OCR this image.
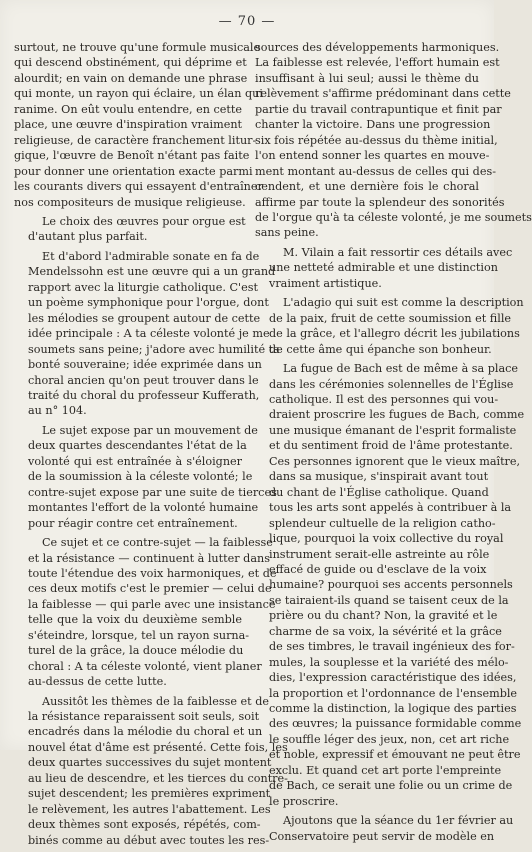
— 70 —

surtout, ne trouve qu'une formule musicale
qui descend obstinément, qui déprime et
alourdit; en vain on demande une phrase
qui monte, un rayon qui éclaire, un élan qui
ranime. On eût voulu entendre, en cette
place, une œuvre d'inspiration vraiment
religieuse, de caractère franchement litur-
gique, l'œuvre de Benoît n'étant pas faite
pour donner une orientation exacte parmi
les courants divers qui essayent d'entraîner
nos compositeurs de musique religieuse.

Le choix des œuvres pour orgue est
d'autant plus parfait.

Et d'abord l'admirable sonate en fa de
Mendelssohn est une œuvre qui a un grand
rapport avec la liturgie catholique. C'est
un poème symphonique pour l'orgue, dont
les mélodies se groupent autour de cette
idée principale : A ta céleste volonté je me
soumets sans peine; j'adore avec humilité ta
bonté souveraine; idée exprimée dans un
choral ancien qu'on peut trouver dans le
traité du choral du professeur Kufferath,
au n° 104.

Le sujet expose par un mouvement de
deux quartes descendantes l'état de la
volonté qui est entraînée à s'éloigner
de la soumission à la céleste volonté; le
contre-sujet expose par une suite de tierces
montantes l'effort de la volonté humaine
pour réagir contre cet entraînement.

Ce sujet et ce contre-sujet — la faiblesse
et la résistance — continuent à lutter dans
toute l'étendue des voix harmoniques, et de
ces deux motifs c'est le premier — celui de
la faiblesse — qui parle avec une insistance
telle que la voix du deuxième semble
s'éteindre, lorsque, tel un rayon surna-
turel de la grâce, la douce mélodie du
choral : A ta céleste volonté, vient planer
au-dessus de cette lutte.

Aussitôt les thèmes de la faiblesse et de
la résistance reparaissent soit seuls, soit
encadrés dans la mélodie du choral et un
nouvel état d'âme est présenté. Cette fois, les
deux quartes successives du sujet montent
au lieu de descendre, et les tierces du contre-
sujet descendent; les premières expriment
le relèvement, les autres l'abattement. Les
deux thèmes sont exposés, répétés, com-
binés comme au début avec toutes les res-

sources des développements harmoniques.
La faiblesse est relevée, l'effort humain est
insuffisant à lui seul; aussi le thème du
relèvement s'affirme prédominant dans cette
partie du travail contrapuntique et finit par
chanter la victoire. Dans une progression
six fois répétée au-dessus du thème initial,
l'on entend sonner les quartes en mouve-
ment montant au-dessus de celles qui des-
cendent, et une dernière fois le choral
affirme par toute la splendeur des sonorités
de l'orgue qu'à ta céleste volonté, je me soumets
sans peine.

M. Vilain a fait ressortir ces détails avec
une netteté admirable et une distinction
vraiment artistique.

L'adagio qui suit est comme la description
de la paix, fruit de cette soumission et fille
de la grâce, et l'allegro décrit les jubilations
de cette âme qui épanche son bonheur.

La fugue de Bach est de même à sa place
dans les cérémonies solennelles de l'Église
catholique. Il est des personnes qui vou-
draient proscrire les fugues de Bach, comme
une musique émanant de l'esprit formaliste
et du sentiment froid de l'âme protestante.
Ces personnes ignorent que le vieux maître,
dans sa musique, s'inspirait avant tout
du chant de l'Église catholique. Quand
tous les arts sont appelés à contribuer à la
splendeur cultuelle de la religion catho-
lique, pourquoi la voix collective du royal
instrument serait-elle astreinte au rôle
effacé de guide ou d'esclave de la voix
humaine? pourquoi ses accents personnels
se tairaient-ils quand se taisent ceux de la
prière ou du chant? Non, la gravité et le
charme de sa voix, la sévérité et la grâce
de ses timbres, le travail ingénieux des for-
mules, la souplesse et la variété des mélo-
dies, l'expression caractéristique des idées,
la proportion et l'ordonnance de l'ensemble
comme la distinction, la logique des parties
des œuvres; la puissance formidable comme
le souffle léger des jeux, non, cet art riche
et noble, expressif et émouvant ne peut être
exclu. Et quand cet art porte l'empreinte
de Bach, ce serait une folie ou un crime de
le proscrire.

Ajoutons que la séance du 1er février au
Conservatoire peut servir de modèle en
